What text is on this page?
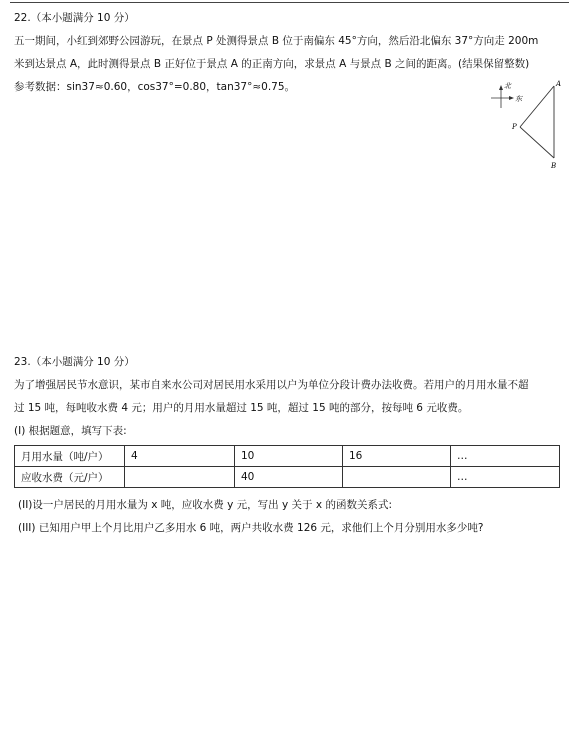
22.（本小题满分 10 分）
五一期间，小红到郊野公园游玩，在景点 P 处测得景点 B 位于南偏东 45°方向，然后沿北偏东 37°方向走 200m
米到达景点 A，此时测得景点 B 正好位于景点 A 的正南方向，求景点 A 与景点 B 之间的距离。(结果保留整数)
参考数据：sin37≈0.60，cos37°=0.80，tan37°≈0.75。	北
东
A
P
B
23.（本小题满分 10 分）
为了增强居民节水意识，某市自来水公司对居民用水采用以户为单位分段计费办法收费。若用户的月用水量不超
过 15 吨，每吨收水费 4 元；用户的月用水量超过 15 吨，超过 15 吨的部分，按每吨 6 元收费。
(I) 根据题意，填写下表:
月用水量（吨/户）	4	10	16	…
应收水费（元/户）		40		…
(II)设一户居民的月用水量为 x 吨，应收水费 y 元，写出 y 关于 x 的函数关系式:
(III) 已知用户甲上个月比用户乙多用水 6 吨，两户共收水费 126 元，求他们上个月分别用水多少吨?
